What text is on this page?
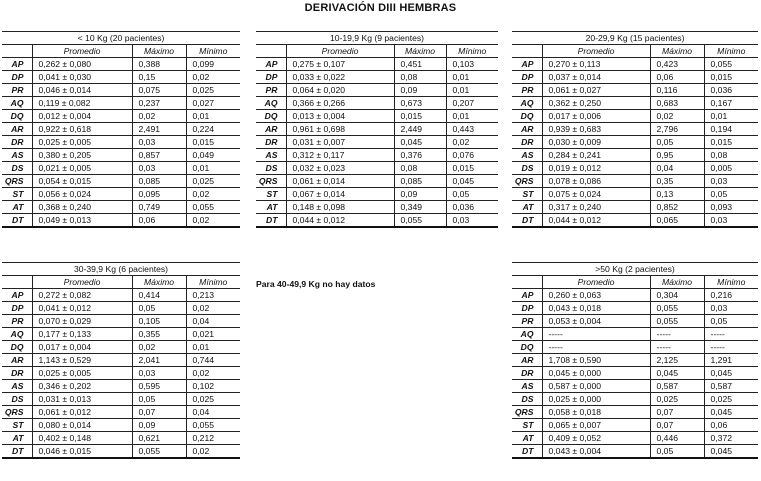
DERIVACIÓN DIII HEMBRAS
< 10 Kg (20 pacientes)			
	Promedio	Máximo	Mínimo
AP	0,262 ± 0,080	0,388	0,099
DP	0,041 ± 0,030	0,15	0,02
PR	0,046 ± 0,014	0,075	0,025
AQ	0,119 ± 0,082	0,237	0,027
DQ	0,012 ± 0,004	0,02	0,01
AR	0,922 ± 0,618	2,491	0,224
DR	0,025 ± 0,005	0,03	0,015
AS	0,380 ± 0,205	0,857	0,049
DS	0,021 ± 0,005	0,03	0,01
QRS	0,054 ± 0,015	0,085	0,025
ST	0,056 ± 0,024	0,095	0,02
AT	0,368 ± 0,240	0,749	0,055
DT	0,049 ± 0,013	0,06	0,02
10-19,9 Kg (9 pacientes)			
	Promedio	Máximo	Mínimo
AP	0,275 ± 0,107	0,451	0,103
DP	0,033 ± 0,022	0,08	0,01
PR	0,064 ± 0,020	0,09	0,01
AQ	0,366 ± 0,266	0,673	0,207
DQ	0,013 ± 0,004	0,015	0,01
AR	0,961 ± 0,698	2,449	0,443
DR	0,031 ± 0,007	0,045	0,02
AS	0,312 ± 0,117	0,376	0,076
DS	0,032 ± 0,023	0,08	0,015
QRS	0,061 ± 0,014	0,085	0,045
ST	0,067 ± 0,014	0,09	0,05
AT	0,148 ± 0,098	0,349	0,036
DT	0,044 ± 0,012	0,055	0,03
20-29,9 Kg (15 pacientes)			
	Promedio	Máximo	Mínimo
AP	0,270 ± 0,113	0,423	0,055
DP	0,037 ± 0,014	0,06	0,015
PR	0,061 ± 0,027	0,116	0,036
AQ	0,362 ± 0,250	0,683	0,167
DQ	0,017 ± 0,006	0,02	0,01
AR	0,939 ± 0,683	2,796	0,194
DR	0,030 ± 0,009	0,05	0,015
AS	0,284 ± 0,241	0,95	0,08
DS	0,019 ± 0,012	0,04	0,005
QRS	0,078 ± 0,086	0,35	0,03
ST	0,075 ± 0,024	0,13	0,05
AT	0,317 ± 0,240	0,852	0,093
DT	0,044 ± 0,012	0,065	0,03
30-39,9 Kg (6 pacientes)			
	Promedio	Máximo	Mínimo
AP	0,272 ± 0,082	0,414	0,213
DP	0,041 ± 0,012	0,05	0,02
PR	0,070 ± 0,029	0,105	0,04
AQ	0,177 ± 0,133	0,355	0,021
DQ	0,017 ± 0,004	0,02	0,01
AR	1,143 ± 0,529	2,041	0,744
DR	0,025 ± 0,005	0,03	0,02
AS	0,346 ± 0,202	0,595	0,102
DS	0,031 ± 0,013	0,05	0,025
QRS	0,061 ± 0,012	0,07	0,04
ST	0,080 ± 0,014	0,09	0,055
AT	0,402 ± 0,148	0,621	0,212
DT	0,046 ± 0,015	0,055	0,02
Para 40-49,9 Kg no hay datos
>50 Kg (2 pacientes)			
	Promedio	Máximo	Mínimo
AP	0,260 ± 0,063	0,304	0,216
DP	0,043 ± 0,018	0,055	0,03
PR	0,053 ± 0,004	0,055	0,05
AQ	-----	-----	-----
DQ	-----	-----	-----
AR	1,708 ± 0,590	2,125	1,291
DR	0,045 ± 0,000	0,045	0,045
AS	0,587 ± 0,000	0,587	0,587
DS	0,025 ± 0,000	0,025	0,025
QRS	0,058 ± 0,018	0,07	0,045
ST	0,065 ± 0,007	0,07	0,06
AT	0,409 ± 0,052	0,446	0,372
DT	0,043 ± 0,004	0,05	0,045
